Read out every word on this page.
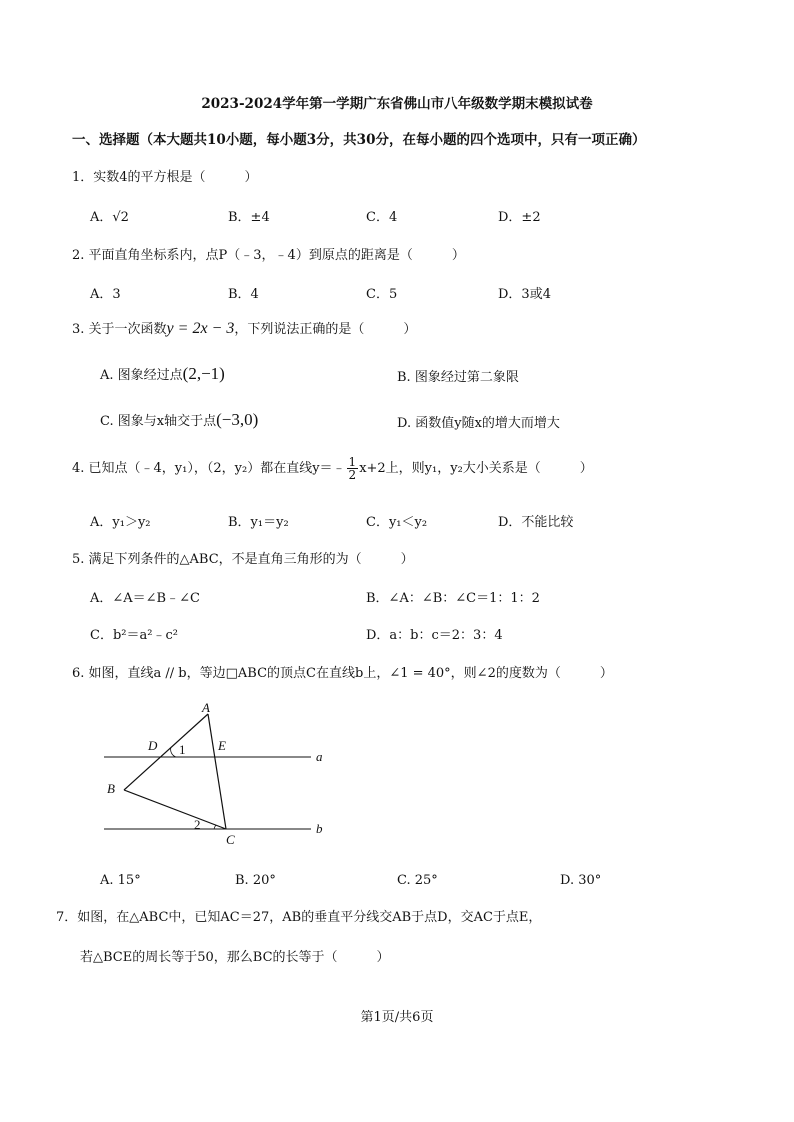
2023-2024学年第一学期广东省佛山市八年级数学期末模拟试卷
一、选择题（本大题共10小题，每小题3分，共30分，在每小题的四个选项中，只有一项正确）
1．实数4的平方根是（　　　）
A．√2	B．±4	C．4	D．±2
2. 平面直角坐标系内，点P（﹣3，﹣4）到原点的距离是（　　　）
A．3	B．4	C．5	D．3或4
3. 关于一次函数y = 2x − 3，下列说法正确的是（　　　）
A. 图象经过点(2,−1)	B. 图象经过第二象限
C. 图象与x轴交于点(−3,0)	D. 函数值y随x的增大而增大
4. 已知点（﹣4，y₁），（2，y₂）都在直线y＝﹣ $\frac{1}{2} x+2$上，则y₁，y₂大小关系是（　　　）
A．y₁＞y₂	B．y₁＝y₂	C．y₁＜y₂	D．不能比较
5. 满足下列条件的△ABC，不是直角三角形的为（　　　）
A．∠A＝∠B﹣∠C	B．∠A：∠B：∠C＝1：1：2
C．b²＝a²﹣c²	D．a：b：c＝2：3：4
6. 如图，直线a // b，等边□ABC的顶点C在直线b上，∠1 = 40°，则∠2的度数为（　　　）
A
D	E
1
B
2
C
a
b
A. 15°	B. 20°	C. 25°	D. 30°
7．如图，在△ABC中，已知AC＝27，AB的垂直平分线交AB于点D，交AC于点E，
若△BCE的周长等于50，那么BC的长等于（　　　）
第1页/共6页
